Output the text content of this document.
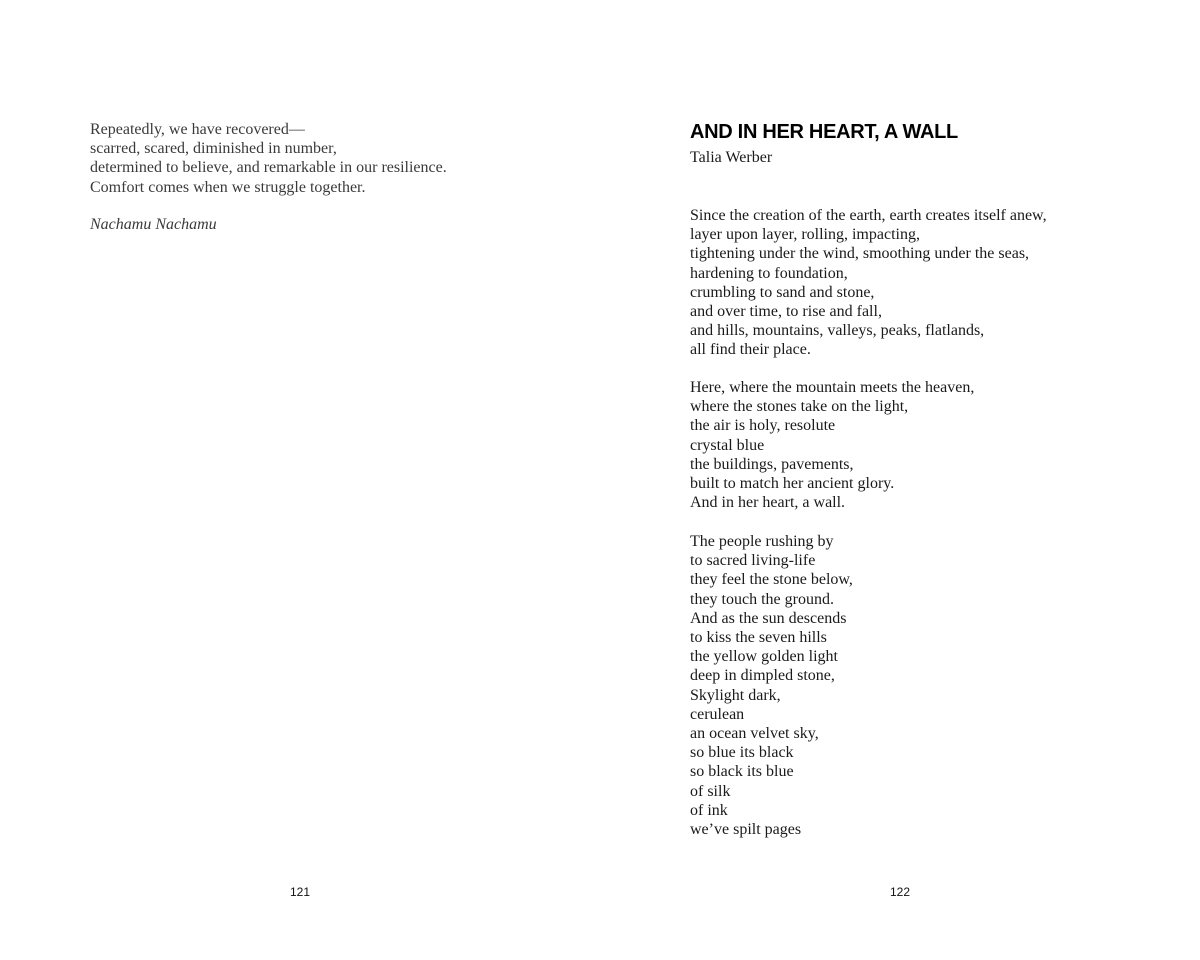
Repeatedly, we have recovered—
scarred, scared, diminished in number,
determined to believe, and remarkable in our resilience.
Comfort comes when we struggle together.
Nachamu Nachamu
121
AND IN HER HEART, A WALL
Talia Werber
Since the creation of the earth, earth creates itself anew,
layer upon layer, rolling, impacting,
tightening under the wind, smoothing under the seas,
hardening to foundation,
crumbling to sand and stone,
and over time, to rise and fall,
and hills, mountains, valleys, peaks, flatlands,
all find their place.
Here, where the mountain meets the heaven,
where the stones take on the light,
the air is holy, resolute
crystal blue
the buildings, pavements,
built to match her ancient glory.
And in her heart, a wall.
The people rushing by
to sacred living-life
they feel the stone below,
they touch the ground.
And as the sun descends
to kiss the seven hills
the yellow golden light
deep in dimpled stone,
Skylight dark,
cerulean
an ocean velvet sky,
so blue its black
so black its blue
of silk
of ink
we’ve spilt pages
122
